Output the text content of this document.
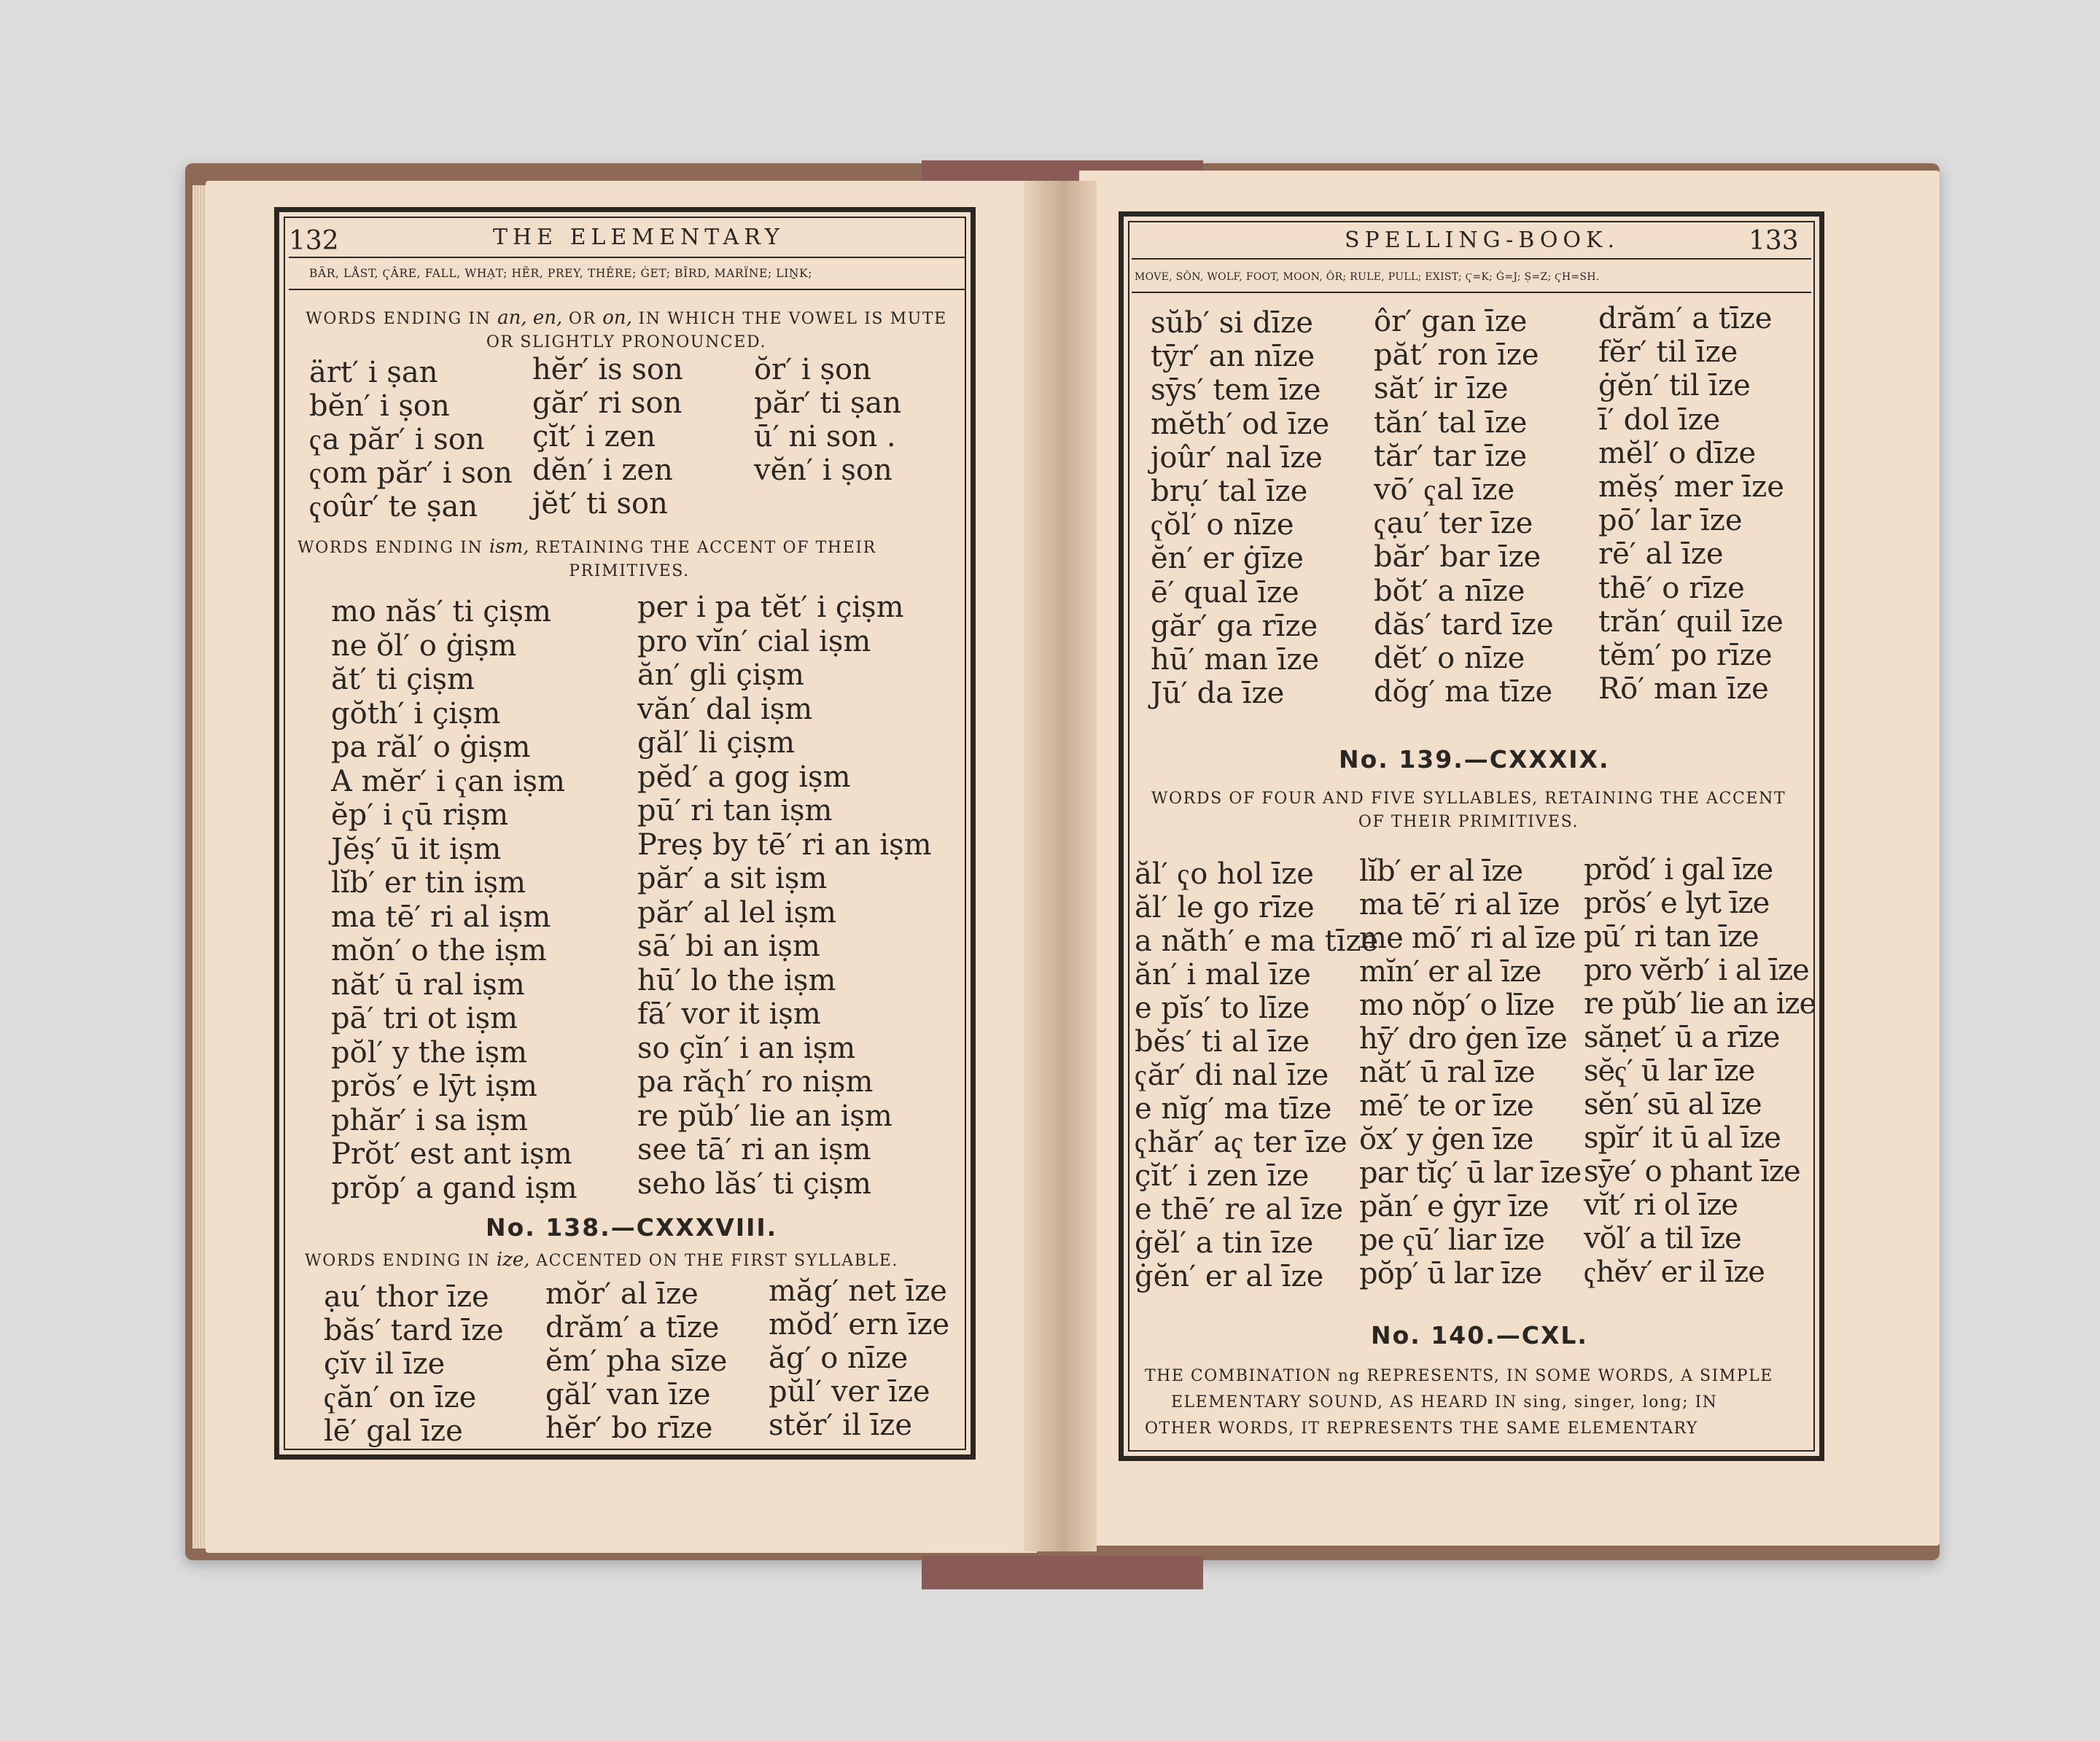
132	THE ELEMENTARY
BÄR, LÅST, ҀÂRE, FALL, WHẠT; HẼR, PREY, THÊRE; ĠET; BĪRD, MARÏNE; LIṈK;
WORDS ENDING IN an, en, OR on, IN WHICH THE VOWEL IS MUTE OR SLIGHTLY PRONOUNCED.
ärt′ i ṣan
bĕn′ i ṣon
ҁa păr′ i son
ҁom păr′ i son
ҁoûr′ te ṣan
hĕr′ is son
găr′ ri son
çĭt′ i zen
dĕn′ i zen
jĕt′ ti son
ŏr′ i ṣon
păr′ ti ṣan
ū′ ni son .
vĕn′ i ṣon
WORDS ENDING IN ism, RETAINING THE ACCENT OF THEIR
PRIMITIVES.
mo năs′ ti çiṣm
ne ŏl′ o ġiṣm
ăt′ ti çiṣm
gŏth′ i çiṣm
pa răl′ o ġiṣm
A mĕr′ i ҁan iṣm
ĕp′ i ҁū riṣm
Jĕṣ′ ū it iṣm
lĭb′ er tin iṣm
ma tē′ ri al iṣm
mŏn′ o the iṣm
năt′ ū ral iṣm
pā′ tri ot iṣm
pŏl′ y the iṣm
prŏs′ e lȳt iṣm
phăr′ i sa iṣm
Prŏt′ est ant iṣm
prŏp′ a gand iṣm
per i pa tĕt′ i çiṣm
pro vĭn′ cial iṣm
ăn′ gli çiṣm
văn′ dal iṣm
găl′ li çiṣm
pĕd′ a gog iṣm
pū′ ri tan iṣm
Preṣ by tē′ ri an iṣm
păr′ a sit iṣm
păr′ al lel iṣm
sā′ bi an iṣm
hū′ lo the iṣm
fā′ vor it iṣm
so çĭn′ i an iṣm
pa răҁh′ ro niṣm
re pŭb′ lie an iṣm
see tā′ ri an iṣm
seho lăs′ ti çiṣm
No. 138.—CXXXVIII.
WORDS ENDING IN ize, ACCENTED ON THE FIRST SYLLABLE.
ạu′ thor īze
băs′ tard īze
çĭv il īze
ҁăn′ on īze
lē′ gal īze
mŏr′ al īze
drăm′ a tīze
ĕm′ pha sīze
găl′ van īze
hĕr′ bo rīze
măg′ net īze
mŏd′ ern īze
ăg′ o nīze
pŭl′ ver īze
stĕr′ il īze
SPELLING-BOOK.	133
MOVE, SÔN, WOLF, FOOT, MOON, ÔR; RULE, PULL; EXIST; Ҁ=K; Ġ=J; Ṣ=Z; ҀH=SH.
sŭb′ si dīze
tȳr′ an nīze
sȳs′ tem īze
mĕth′ od īze
joûr′ nal īze
brụ′ tal īze
ҁŏl′ o nīze
ĕn′ er ġīze
ē′ qual īze
găr′ ga rīze
hū′ man īze
Jū′ da īze
ôr′ gan īze
păt′ ron īze
săt′ ir īze
tăn′ tal īze
tăr′ tar īze
vō′ ҁal īze
ҁạu′ ter īze
băr′ bar īze
bŏt′ a nīze
dăs′ tard īze
dĕt′ o nīze
dŏg′ ma tīze
drăm′ a tīze
fĕr′ til īze
ġĕn′ til īze
ī′ dol īze
mĕl′ o dīze
mĕṣ′ mer īze
pō′ lar īze
rē′ al īze
thē′ o rīze
trăn′ quil īze
tĕm′ po rīze
Rō′ man īze
No. 139.—CXXXIX.
WORDS OF FOUR AND FIVE SYLLABLES, RETAINING THE ACCENT OF THEIR PRIMITIVES.
ăl′ ҁo hol īze
ăl′ le go rīze
a năth′ e ma tīze
ăn′ i mal īze
e pĭs′ to līze
bĕs′ ti al īze
ҁăr′ di nal īze
e nĭg′ ma tīze
ҁhăr′ aҁ ter īze
çĭt′ i zen īze
e thē′ re al īze
ġĕl′ a tin īze
ġĕn′ er al īze
lĭb′ er al īze
ma tē′ ri al īze
me mō′ ri al īze
mĭn′ er al īze
mo nŏp′ o līze
hȳ′ dro ġen īze
năt′ ū ral īze
mē′ te or īze
ŏx′ y ġen īze
par tĭç′ ū lar īze
păn′ e ġyr īze
pe ҁū′ liar īze
pŏp′ ū lar īze
prŏd′ i gal īze
prŏs′ e lyt īze
pū′ ri tan īze
pro vĕrb′ i al īze
re pŭb′ lie an ize
săṇet′ ū a rīze
sĕҁ′ ū lar īze
sĕn′ sū al īze
spĭr′ it ū al īze
sȳe′ o phant īze
vĭt′ ri ol īze
vŏl′ a til īze
ҁhĕv′ er il īze
No. 140.—CXL.
THE COMBINATION ng REPRESENTS, IN SOME WORDS, A SIMPLE
ELEMENTARY SOUND, AS HEARD IN sing, singer, long; IN
OTHER WORDS, IT REPRESENTS THE SAME ELEMENTARY
